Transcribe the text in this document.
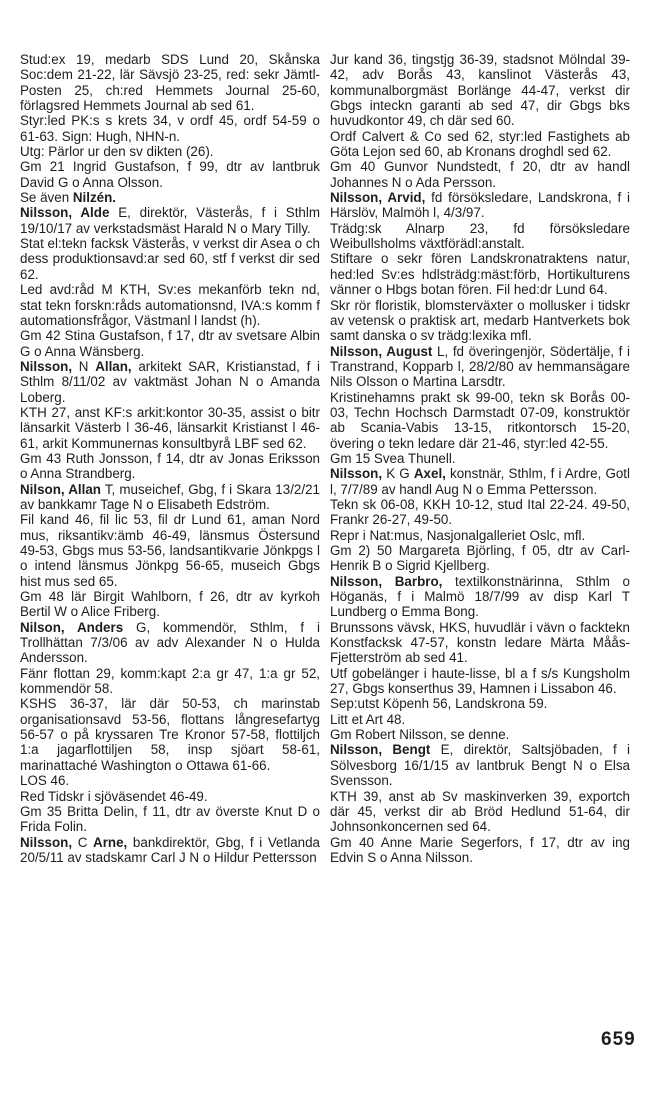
Stud:ex 19, medarb SDS Lund 20, Skånska Soc:dem 21-22, lär Sävsjö 23-25, red: sekr Jämtl-Posten 25, ch:red Hemmets Journal 25-60, förlagsred Hemmets Journal ab sed 61.

Styr:led PK:s s krets 34, v ordf 45, ordf 54-59 o 61-63. Sign: Hugh, NHN-n.

Utg: Pärlor ur den sv dikten (26).

Gm 21 Ingrid Gustafson, f 99, dtr av lantbruk David G o Anna Olsson.

Se även Nilzén.

Nilsson, Alde E, direktör, Västerås, f i Sthlm 19/10/17 av verkstadsmäst Harald N o Mary Tilly.

Stat el:tekn facksk Västerås, v verkst dir Asea o ch dess produktionsavd:ar sed 60, stf f verkst dir sed 62.

Led avd:råd M KTH, Sv:es mekanförb tekn nd, stat tekn forskn:råds automationsnd, IVA:s komm f automationsfrågor, Västmanl l landst (h).

Gm 42 Stina Gustafson, f 17, dtr av svetsare Albin G o Anna Wänsberg.

Nilsson, N Allan, arkitekt SAR, Kristianstad, f i Sthlm 8/11/02 av vaktmäst Johan N o Amanda Loberg.

KTH 27, anst KF:s arkit:kontor 30-35, assist o bitr länsarkit Västerb l 36-46, länsarkit Kristianst l 46-61, arkit Kommunernas konsultbyrå LBF sed 62.

Gm 43 Ruth Jonsson, f 14, dtr av Jonas Eriksson o Anna Strandberg.

Nilson, Allan T, museichef, Gbg, f i Skara 13/2/21 av bankkamr Tage N o Elisabeth Edström.

Fil kand 46, fil lic 53, fil dr Lund 61, aman Nord mus, riksantikv:ämb 46-49, länsmus Östersund 49-53, Gbgs mus 53-56, landsantikvarie Jönkpgs l o intend länsmus Jönkpg 56-65, museich Gbgs hist mus sed 65.

Gm 48 lär Birgit Wahlborn, f 26, dtr av kyrkoh Bertil W o Alice Friberg.

Nilson, Anders G, kommendör, Sthlm, f i Trollhättan 7/3/06 av adv Alexander N o Hulda Andersson.

Fänr flottan 29, komm:kapt 2:a gr 47, 1:a gr 52, kommendör 58.

KSHS 36-37, lär där 50-53, ch marinstab organisationsavd 53-56, flottans långresefartyg 56-57 o på kryssaren Tre Kronor 57-58, flottiljch 1:a jagarflottiljen 58, insp sjöart 58-61, marinattaché Washington o Ottawa 61-66.

LOS 46.

Red Tidskr i sjöväsendet 46-49.

Gm 35 Britta Delin, f 11, dtr av överste Knut D o Frida Folin.

Nilsson, C Arne, bankdirektör, Gbg, f i Vetlanda 20/5/11 av stadskamr Carl J N o Hildur Pettersson

Jur kand 36, tingstjg 36-39, stadsnot Mölndal 39-42, adv Borås 43, kanslinot Västerås 43, kommunalborgmäst Borlänge 44-47, verkst dir Gbgs inteckn garanti ab sed 47, dir Gbgs bks huvudkontor 49, ch där sed 60.

Ordf Calvert & Co sed 62, styr:led Fastighets ab Göta Lejon sed 60, ab Kronans droghdl sed 62.

Gm 40 Gunvor Nundstedt, f 20, dtr av handl Johannes N o Ada Persson.

Nilsson, Arvid, fd försöksledare, Landskrona, f i Härslöv, Malmöh l, 4/3/97.

Trädg:sk Alnarp 23, fd försöksledare Weibullsholms växtförädl:anstalt.

Stiftare o sekr fören Landskronatraktens natur, hed:led Sv:es hdlsträdg:mäst:förb, Hortikulturens vänner o Hbgs botan fören. Fil hed:dr Lund 64.

Skr rör floristik, blomsterväxter o mollusker i tidskr av vetensk o praktisk art, medarb Hantverkets bok samt danska o sv trädg:lexika mfl.

Nilsson, August L, fd överingenjör, Södertälje, f i Transtrand, Kopparb l, 28/2/80 av hemmansägare Nils Olsson o Martina Larsdtr.

Kristinehamns prakt sk 99-00, tekn sk Borås 00-03, Techn Hochsch Darmstadt 07-09, konstruktör ab Scania-Vabis 13-15, ritkontorsch 15-20, övering o tekn ledare där 21-46, styr:led 42-55.

Gm 15 Svea Thunell.

Nilsson, K G Axel, konstnär, Sthlm, f i Ardre, Gotl l, 7/7/89 av handl Aug N o Emma Pettersson.

Tekn sk 06-08, KKH 10-12, stud Ital 22-24. 49-50, Frankr 26-27, 49-50.

Repr i Nat:mus, Nasjonalgalleriet Oslc, mfl.

Gm 2) 50 Margareta Björling, f 05, dtr av Carl-Henrik B o Sigrid Kjellberg.

Nilsson, Barbro, textilkonstnärinna, Sthlm o Höganäs, f i Malmö 18/7/99 av disp Karl T Lundberg o Emma Bong.

Brunssons vävsk, HKS, huvudlär i vävn o facktekn Konstfacksk 47-57, konstn ledare Märta Måås-Fjetterström ab sed 41.

Utf gobelänger i haute-lisse, bl a f s/s Kungsholm 27, Gbgs konserthus 39, Hamnen i Lissabon 46.

Sep:utst Köpenh 56, Landskrona 59.

Litt et Art 48.

Gm Robert Nilsson, se denne.

Nilsson, Bengt E, direktör, Saltsjöbaden, f i Sölvesborg 16/1/15 av lantbruk Bengt N o Elsa Svensson.

KTH 39, anst ab Sv maskinverken 39, exportch där 45, verkst dir ab Bröd Hedlund 51-64, dir Johnsonkoncernen sed 64.

Gm 40 Anne Marie Segerfors, f 17, dtr av ing Edvin S o Anna Nilsson.

659
